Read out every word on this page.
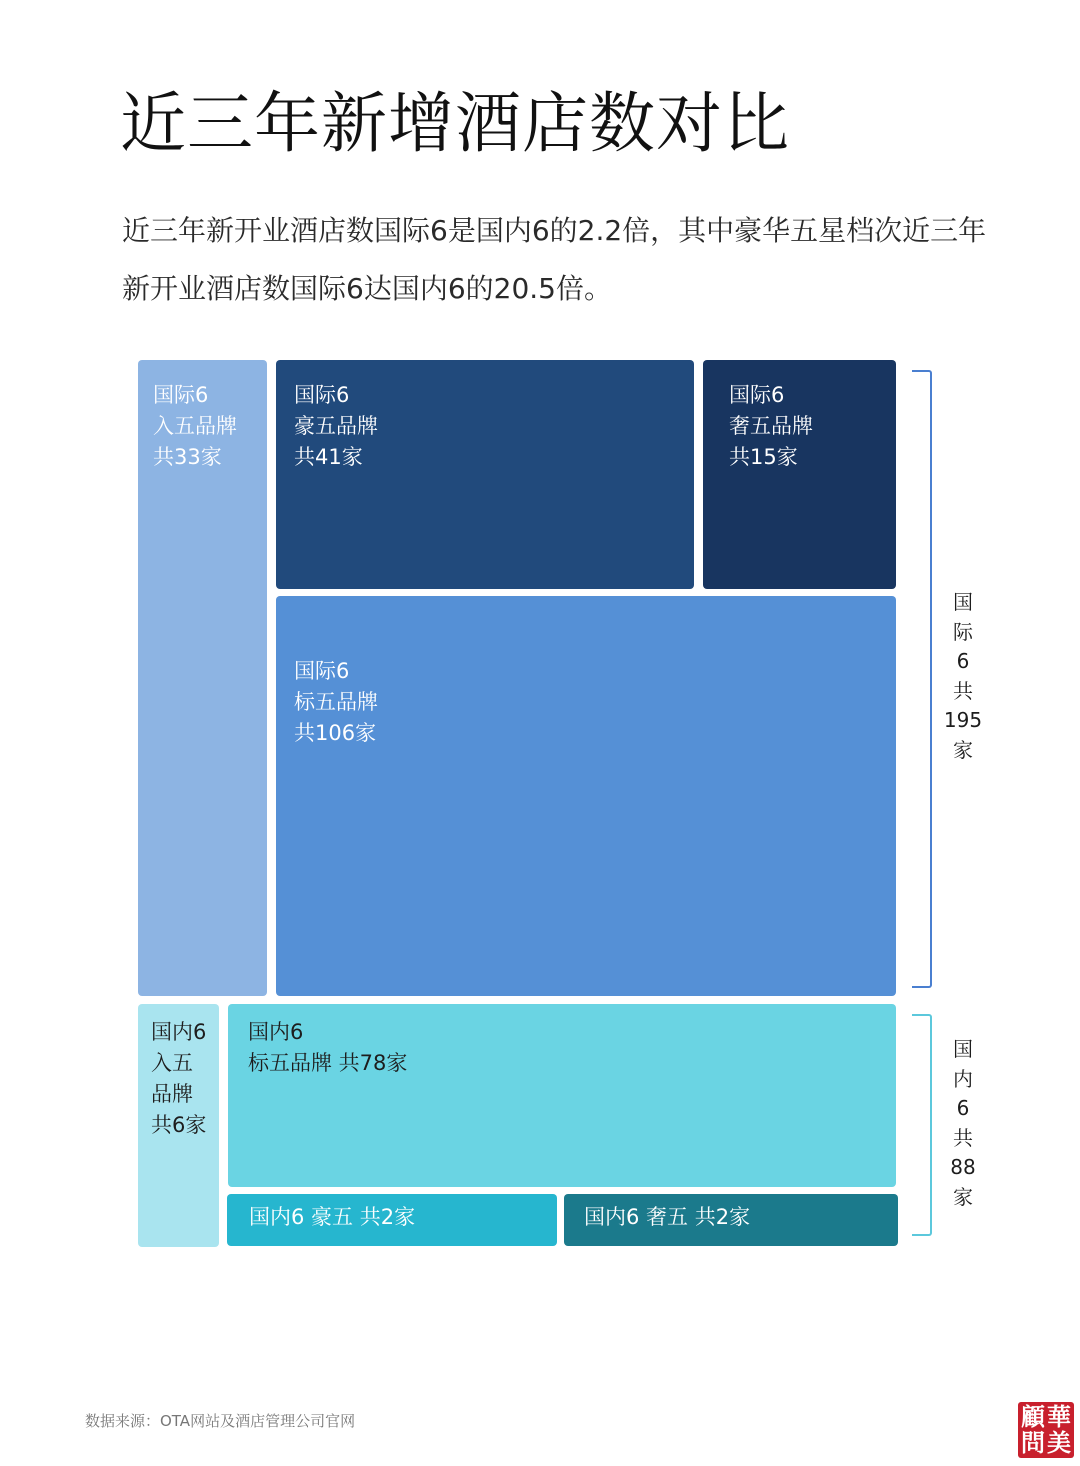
近三年新增酒店数对比
近三年新开业酒店数国际6是国内6的2.2倍，其中豪华五星档次近三年新开业酒店数国际6达国内6的20.5倍。
国际6
入五品牌
共33家
国际6
豪五品牌
共41家
国际6
奢五品牌
共15家
国际6
标五品牌
共106家
国内6
入五
品牌
共6家
国内6
标五品牌 共78家
国内6 豪五 共2家	国内6 奢五 共2家
国
际
6
共
195
家
国
内
6
共
88
家
数据来源：OTA网站及酒店管理公司官网	華
美
顧
問
